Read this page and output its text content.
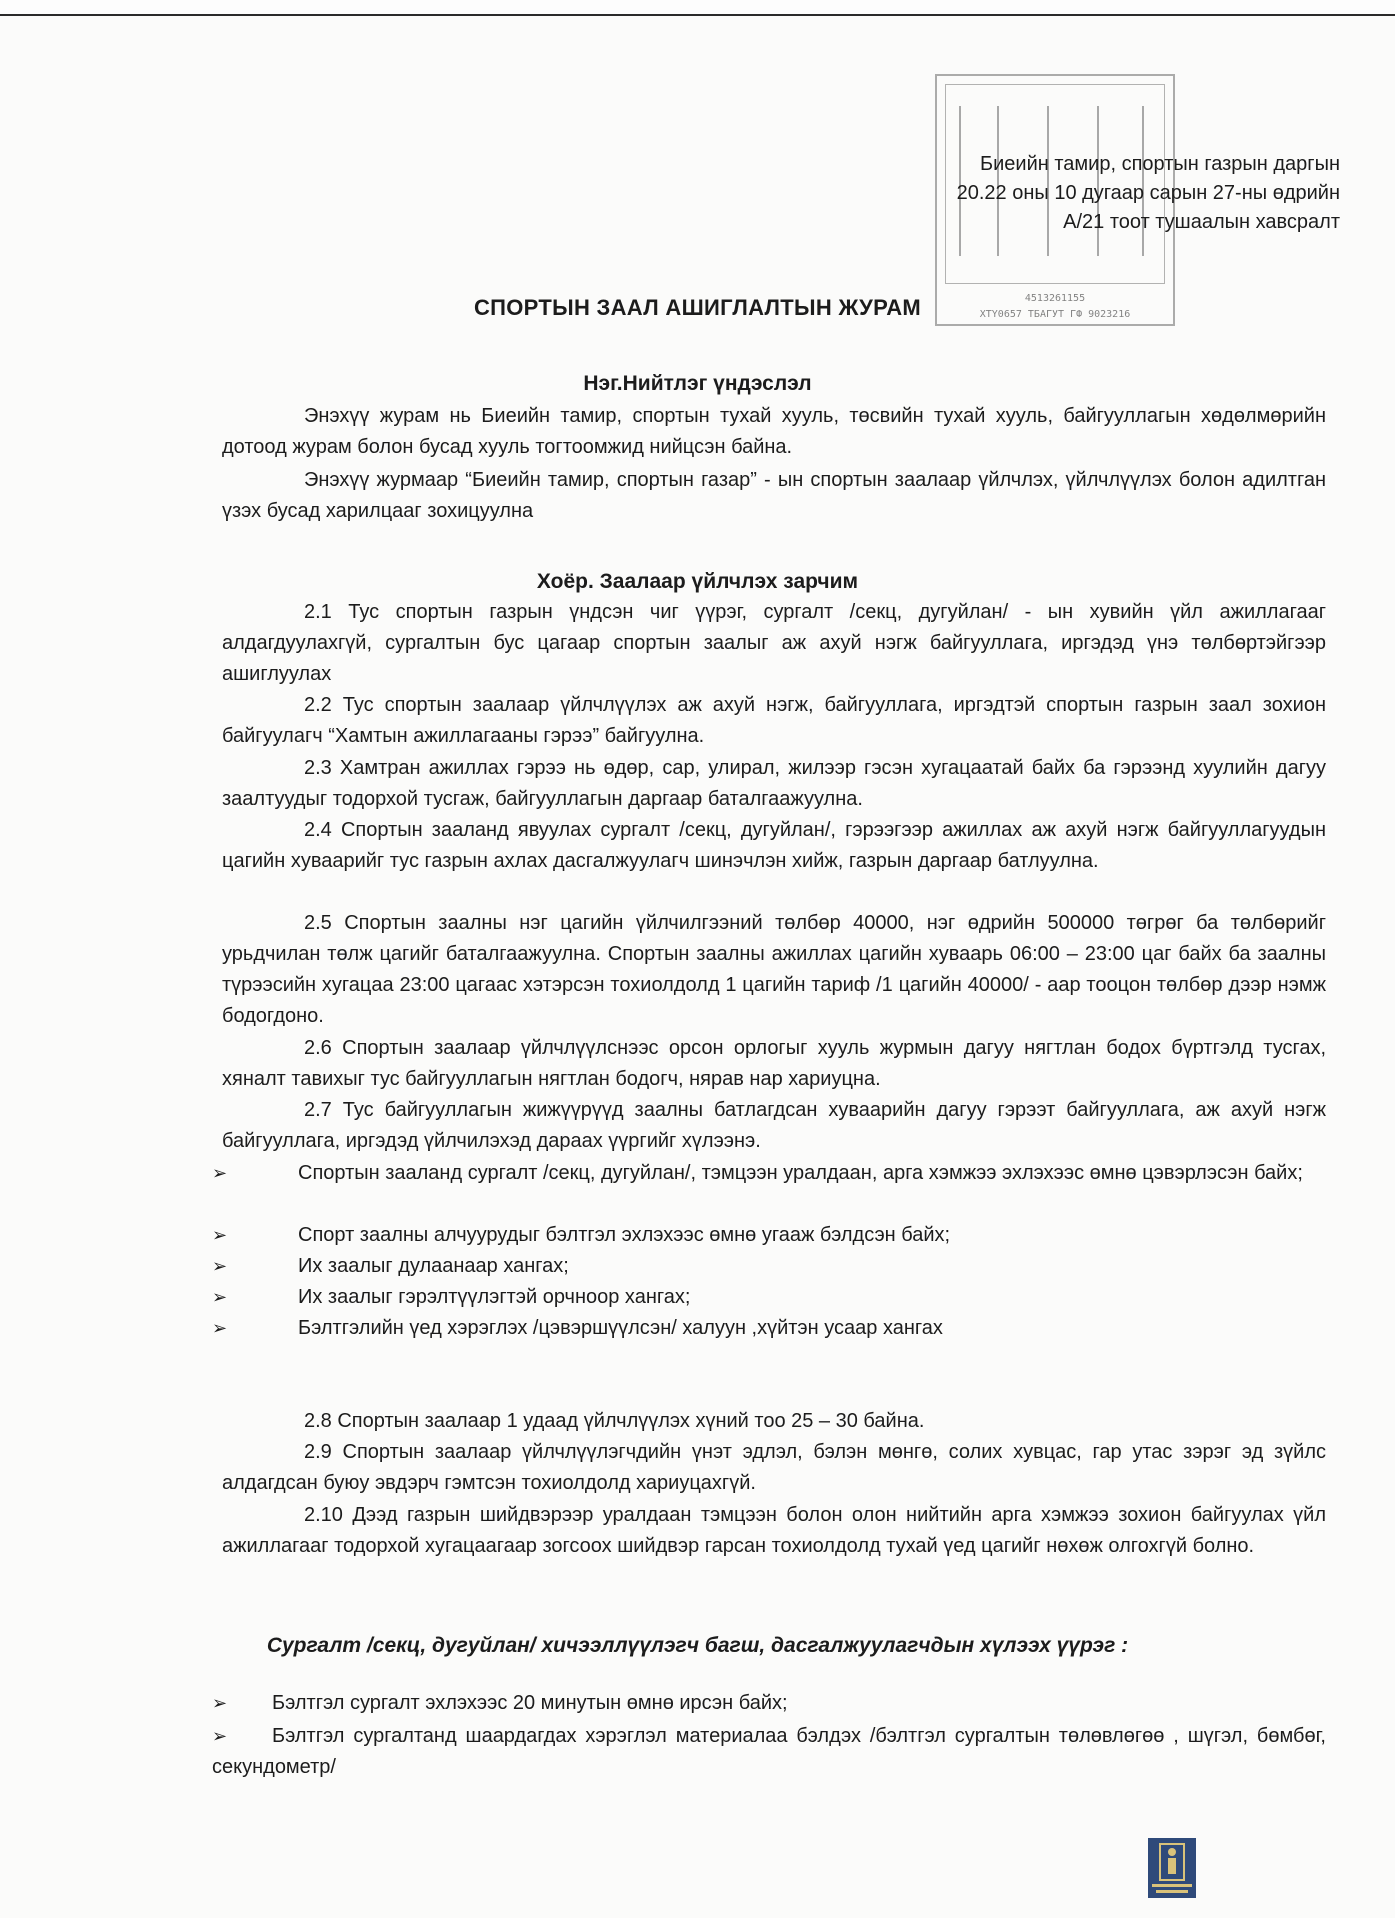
4513261155
ХТY0657 ТБАГУТ ГФ 9023216
Биеийн тамир, спортын газрын даргын
20.22 оны 10 дугаар сарын 27-ны өдрийн
А/21 тоот тушаалын хавсралт
СПОРТЫН ЗААЛ АШИГЛАЛТЫН ЖУРАМ
Нэг.Нийтлэг үндэслэл
Энэхүү журам нь Биеийн тамир, спортын тухай хууль, төсвийн тухай хууль, байгууллагын хөдөлмөрийн дотоод журам болон бусад хууль тогтоомжид нийцсэн байна.
Энэхүү журмаар “Биеийн тамир, спортын газар” - ын спортын заалаар үйлчлэх, үйлчлүүлэх болон адилтган үзэх бусад харилцааг зохицуулна
Хоёр. Заалаар үйлчлэх зарчим
2.1 Тус спортын газрын үндсэн чиг үүрэг, сургалт /секц, дугуйлан/ - ын хувийн үйл ажиллагааг алдагдуулахгүй, сургалтын бус цагаар спортын заалыг аж ахуй нэгж байгууллага, иргэдэд үнэ төлбөртэйгээр ашиглуулах
2.2 Тус спортын заалаар үйлчлүүлэх аж ахуй нэгж, байгууллага, иргэдтэй спортын газрын заал зохион байгуулагч “Хамтын ажиллагааны гэрээ” байгуулна.
2.3 Хамтран ажиллах гэрээ нь өдөр, сар, улирал, жилээр гэсэн хугацаатай байх ба гэрээнд хуулийн дагуу заалтуудыг тодорхой тусгаж, байгууллагын даргаар баталгаажуулна.
2.4 Спортын зааланд явуулах сургалт /секц, дугуйлан/, гэрээгээр ажиллах аж ахуй нэгж байгууллагуудын цагийн хуваарийг тус газрын ахлах дасгалжуулагч шинэчлэн хийж, газрын даргаар батлуулна.
2.5 Спортын заалны нэг цагийн үйлчилгээний төлбөр 40000, нэг өдрийн 500000 төгрөг ба төлбөрийг урьдчилан төлж цагийг баталгаажуулна. Спортын заалны ажиллах цагийн хуваарь 06:00 – 23:00 цаг байх ба заалны түрээсийн хугацаа 23:00 цагаас хэтэрсэн тохиолдолд 1 цагийн тариф /1 цагийн 40000/ - аар тооцон төлбөр дээр нэмж бодогдоно.
2.6 Спортын заалаар үйлчлүүлснээс орсон орлогыг хууль журмын дагуу нягтлан бодох бүртгэлд тусгах, хяналт тавихыг тус байгууллагын нягтлан бодогч, нярав нар хариуцна.
2.7 Тус байгууллагын жижүүрүүд заалны батлагдсан хуваарийн дагуу гэрээт байгууллага, аж ахуй нэгж байгууллага, иргэдэд үйлчилэхэд дараах үүргийг хүлээнэ.
➢	Спортын зааланд сургалт /секц, дугуйлан/, тэмцээн уралдаан, арга хэмжээ эхлэхээс өмнө цэвэрлэсэн байх;
➢	Спорт заалны алчуурудыг бэлтгэл эхлэхээс өмнө угааж бэлдсэн байх;
➢	Их заалыг дулаанаар хангах;
➢	Их заалыг гэрэлтүүлэгтэй орчноор хангах;
➢	Бэлтгэлийн үед хэрэглэх /цэвэршүүлсэн/ халуун ,хүйтэн усаар хангах
2.8 Спортын заалаар 1 удаад үйлчлүүлэх хүний тоо 25 – 30 байна.
2.9 Спортын заалаар үйлчлүүлэгчдийн үнэт эдлэл, бэлэн мөнгө, солих хувцас, гар утас зэрэг эд зүйлс алдагдсан буюу эвдэрч гэмтсэн тохиолдолд хариуцахгүй.
2.10 Дээд газрын шийдвэрээр уралдаан тэмцээн болон олон нийтийн арга хэмжээ зохион байгуулах үйл ажиллагааг тодорхой хугацаагаар зогсоох шийдвэр гарсан тохиолдолд тухай үед цагийг нөхөж олгохгүй болно.
Сургалт /секц, дугуйлан/ хичээллүүлэгч багш, дасгалжуулагчдын хүлээх үүрэг :
➢	Бэлтгэл сургалт эхлэхээс 20 минутын өмнө ирсэн байх;
➢	Бэлтгэл сургалтанд шаардагдах хэрэглэл материалаа бэлдэх /бэлтгэл сургалтын төлөвлөгөө , шүгэл, бөмбөг, секундометр/
